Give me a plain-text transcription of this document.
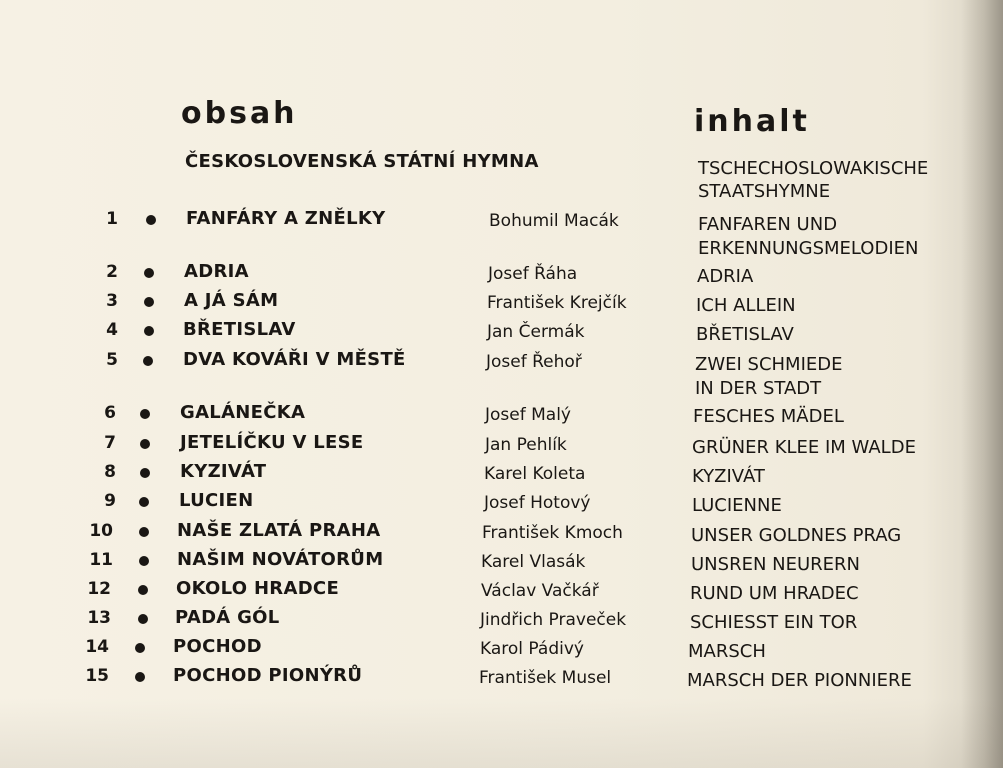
obsah	inhalt
ČESKOSLOVENSKÁ STÁTNÍ HYMNA	TSCHECHOSLOWAKISCHE STAATSHYMNE
1	FANFÁRY A ZNĚLKY	Bohumil Macák	FANFAREN UND ERKENNUNGSMELODIEN
2	ADRIA	Josef Řáha	ADRIA
3	A JÁ SÁM	František Krejčík	ICH ALLEIN
4	BŘETISLAV	Jan Čermák	BŘETISLAV
5	DVA KOVÁŘI V MĚSTĚ	Josef Řehoř	ZWEI SCHMIEDE IN DER STADT
6	GALÁNEČKA	Josef Malý	FESCHES MÄDEL
7	JETELÍČKU V LESE	Jan Pehlík	GRÜNER KLEE IM WALDE
8	KYZIVÁT	Karel Koleta	KYZIVÁT
9	LUCIEN	Josef Hotový	LUCIENNE
10	NAŠE ZLATÁ PRAHA	František Kmoch	UNSER GOLDNES PRAG
11	NAŠIM NOVÁTORŮM	Karel Vlasák	UNSREN NEURERN
12	OKOLO HRADCE	Václav Vačkář	RUND UM HRADEC
13	PADÁ GÓL	Jindřich Praveček	SCHIESST EIN TOR
14	POCHOD	Karol Pádivý	MARSCH
15	POCHOD PIONÝRŮ	František Musel	MARSCH DER PIONNIERE
